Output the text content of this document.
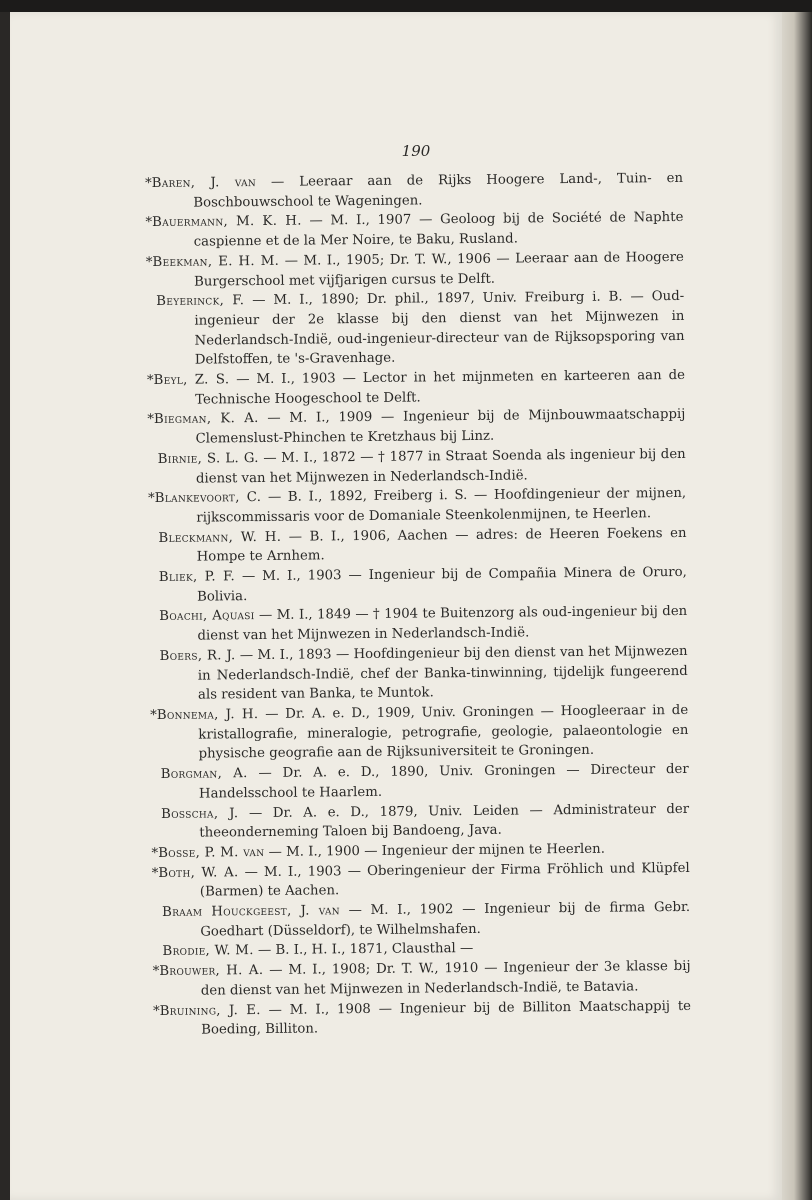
190
*Baren, J. van — Leeraar aan de Rijks Hoogere Land-, Tuin- en Boschbouwschool te Wageningen.
*Bauermann, M. K. H. — M. I., 1907 — Geoloog bij de Société de Naphte caspienne et de la Mer Noire, te Baku, Rusland.
*Beekman, E. H. M. — M. I., 1905; Dr. T. W., 1906 — Leeraar aan de Hoogere Burgerschool met vijfjarigen cursus te Delft.
Beyerinck, F. — M. I., 1890; Dr. phil., 1897, Univ. Freiburg i. B. — Oud-ingenieur der 2e klasse bij den dienst van het Mijnwezen in Nederlandsch-Indië, oud-ingenieur-directeur van de Rijksopsporing van Delfstoffen, te 's-Gravenhage.
*Beyl, Z. S. — M. I., 1903 — Lector in het mijnmeten en karteeren aan de Technische Hoogeschool te Delft.
*Biegman, K. A. — M. I., 1909 — Ingenieur bij de Mijnbouwmaatschappij Clemenslust-Phinchen te Kretzhaus bij Linz.
Birnie, S. L. G. — M. I., 1872 — † 1877 in Straat Soenda als ingenieur bij den dienst van het Mijnwezen in Nederlandsch-Indië.
*Blankevoort, C. — B. I., 1892, Freiberg i. S. — Hoofdingenieur der mijnen, rijkscommissaris voor de Domaniale Steenkolenmijnen, te Heerlen.
Bleckmann, W. H. — B. I., 1906, Aachen — adres: de Heeren Foekens en Hompe te Arnhem.
Bliek, P. F. — M. I., 1903 — Ingenieur bij de Compañia Minera de Oruro, Bolivia.
Boachi, Aquasi — M. I., 1849 — † 1904 te Buitenzorg als oud-ingenieur bij den dienst van het Mijnwezen in Nederlandsch-Indië.
Boers, R. J. — M. I., 1893 — Hoofdingenieur bij den dienst van het Mijnwezen in Nederlandsch-Indië, chef der Banka-tinwinning, tijdelijk fungeerend als resident van Banka, te Muntok.
*Bonnema, J. H. — Dr. A. e. D., 1909, Univ. Groningen — Hoogleeraar in de kristallografie, mineralogie, petrografie, geologie, palaeontologie en physische geografie aan de Rijksuniversiteit te Groningen.
Borgman, A. — Dr. A. e. D., 1890, Univ. Groningen — Directeur der Handelsschool te Haarlem.
Bosscha, J. — Dr. A. e. D., 1879, Univ. Leiden — Administrateur der theeonderneming Taloen bij Bandoeng, Java.
*Bosse, P. M. van — M. I., 1900 — Ingenieur der mijnen te Heerlen.
*Both, W. A. — M. I., 1903 — Oberingenieur der Firma Fröhlich und Klüpfel (Barmen) te Aachen.
Braam Houckgeest, J. van — M. I., 1902 — Ingenieur bij de firma Gebr. Goedhart (Düsseldorf), te Wilhelmshafen.
Brodie, W. M. — B. I., H. I., 1871, Clausthal —
*Brouwer, H. A. — M. I., 1908; Dr. T. W., 1910 — Ingenieur der 3e klasse bij den dienst van het Mijnwezen in Nederlandsch-Indië, te Batavia.
*Bruining, J. E. — M. I., 1908 — Ingenieur bij de Billiton Maatschappij te Boeding, Billiton.
